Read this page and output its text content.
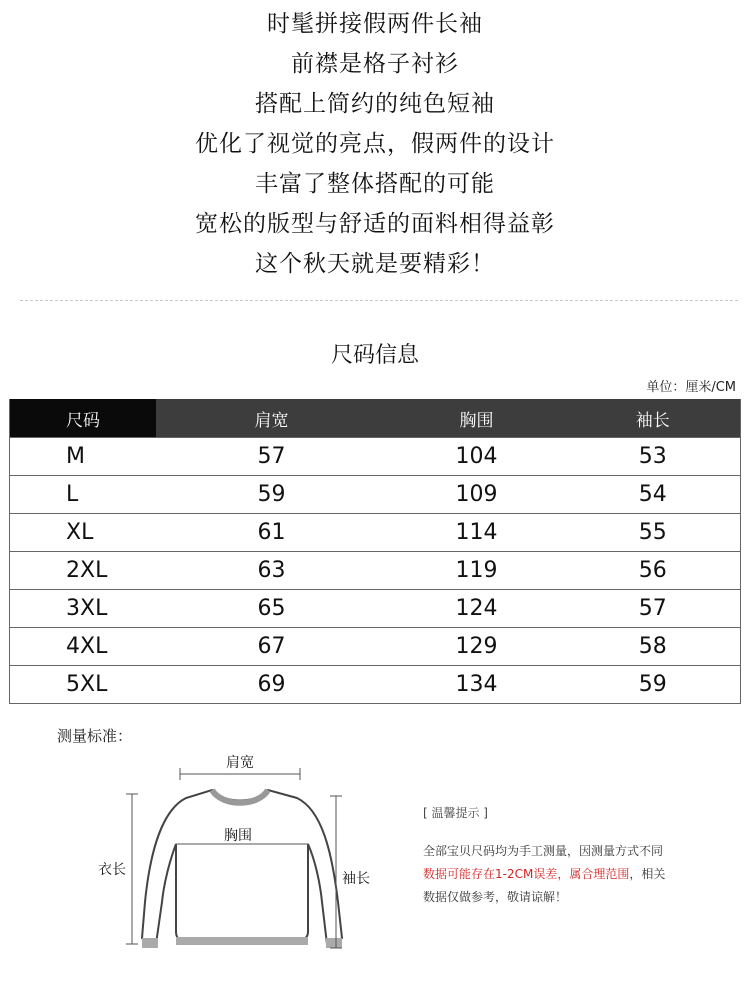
时髦拼接假两件长袖
前襟是格子衬衫
搭配上简约的纯色短袖
优化了视觉的亮点，假两件的设计
丰富了整体搭配的可能
宽松的版型与舒适的面料相得益彰
这个秋天就是要精彩！
尺码信息
单位：厘米/CM
尺码	肩宽	胸围	袖长
M	57	104	53
L	59	109	54
XL	61	114	55
2XL	63	119	56
3XL	65	124	57
4XL	67	129	58
5XL	69	134	59
测量标准：
肩宽
胸围
衣长
袖长
[ 温馨提示 ]
全部宝贝尺码均为手工测量，因测量方式不同
数据可能存在1-2CM误差，属合理范围，相关
数据仅做参考，敬请谅解！
